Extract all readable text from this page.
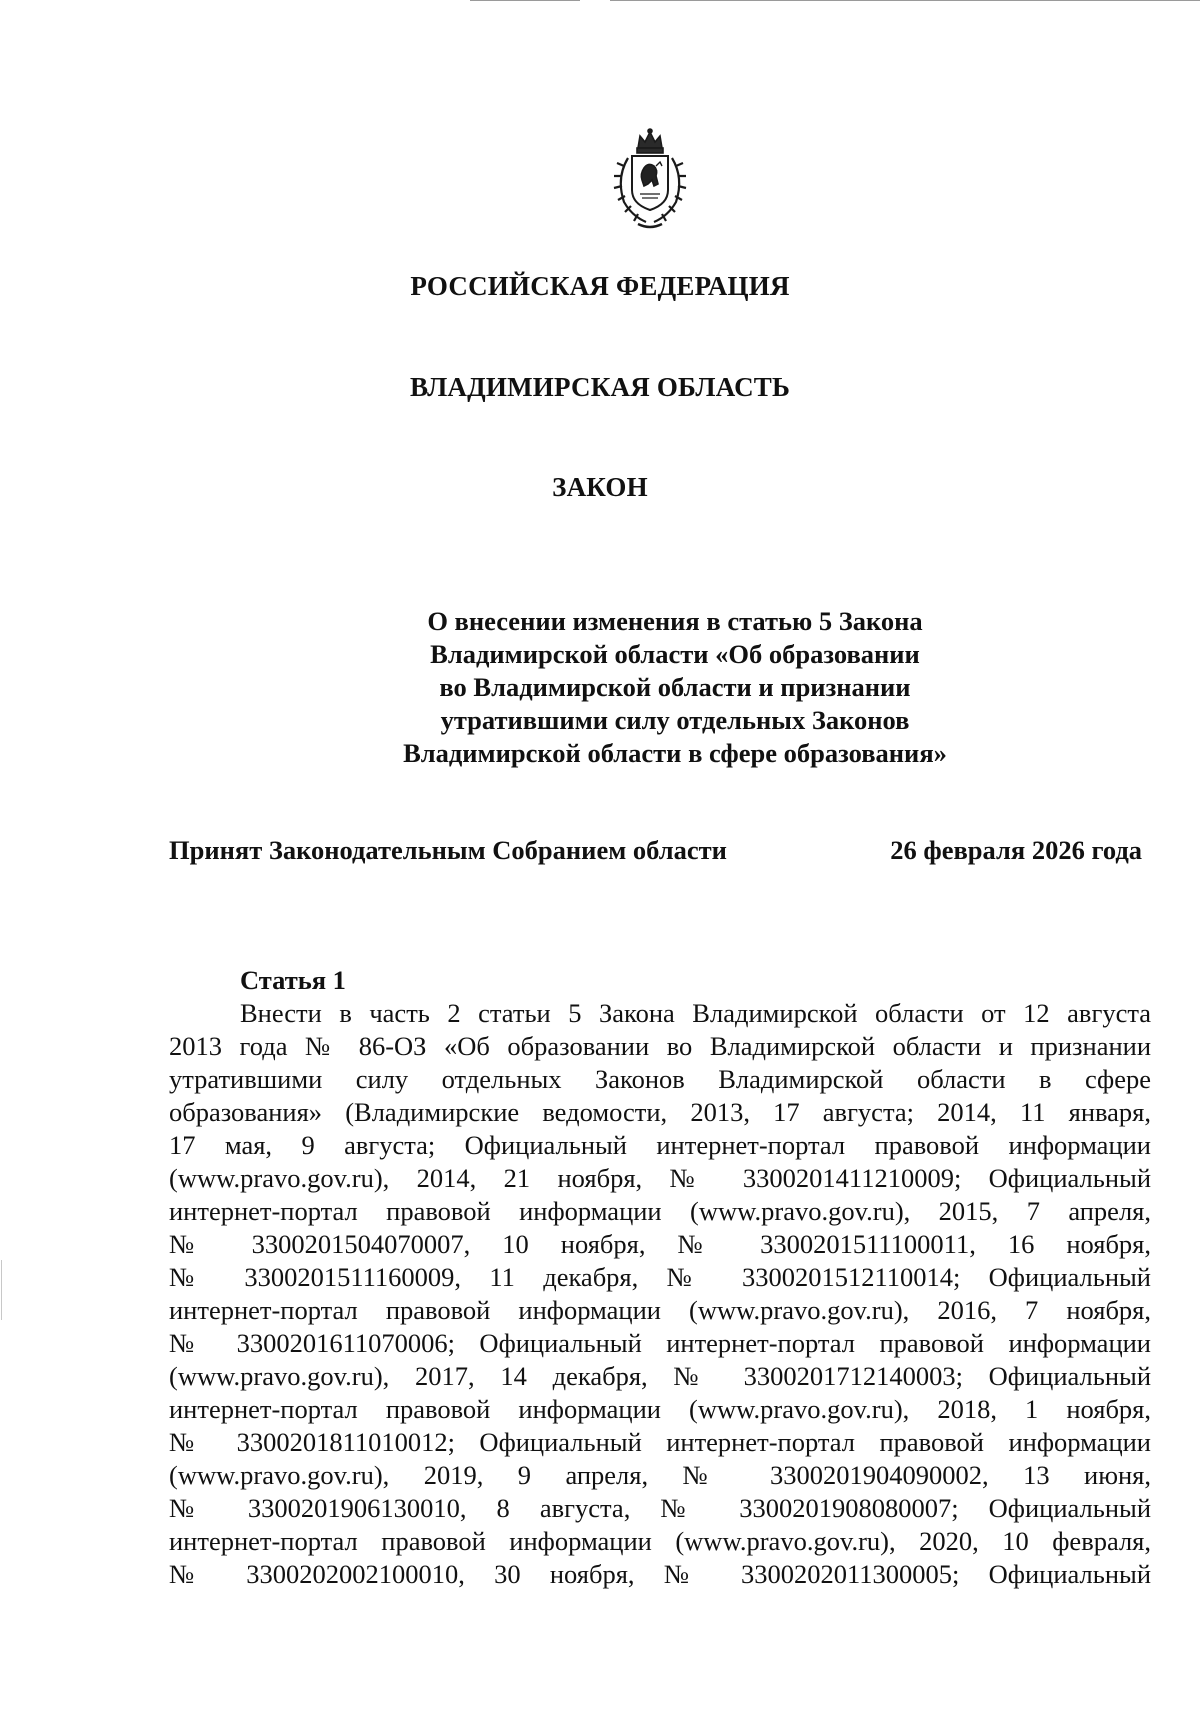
РОССИЙСКАЯ ФЕДЕРАЦИЯ
ВЛАДИМИРСКАЯ ОБЛАСТЬ
ЗАКОН
О внесении изменения в статью 5 Закона
Владимирской области «Об образовании
во Владимирской области и признании
утратившими силу отдельных Законов
Владимирской области в сфере образования»
Принят Законодательным Собранием области	26 февраля 2026 года
Статья 1
Внести в часть 2 статьи 5 Закона Владимирской области от 12 августа
2013 года № 86-ОЗ «Об образовании во Владимирской области и признании
утратившими силу отдельных Законов Владимирской области в сфере
образования» (Владимирские ведомости, 2013, 17 августа; 2014, 11 января,
17 мая, 9 августа; Официальный интернет-портал правовой информации
(www.pravo.gov.ru), 2014, 21 ноября, № 3300201411210009; Официальный
интернет-портал правовой информации (www.pravo.gov.ru), 2015, 7 апреля,
№ 3300201504070007, 10 ноября, № 3300201511100011, 16 ноября,
№ 3300201511160009, 11 декабря, № 3300201512110014; Официальный
интернет-портал правовой информации (www.pravo.gov.ru), 2016, 7 ноября,
№ 3300201611070006; Официальный интернет-портал правовой информации
(www.pravo.gov.ru), 2017, 14 декабря, № 3300201712140003; Официальный
интернет-портал правовой информации (www.pravo.gov.ru), 2018, 1 ноября,
№ 3300201811010012; Официальный интернет-портал правовой информации
(www.pravo.gov.ru), 2019, 9 апреля, № 3300201904090002, 13 июня,
№ 3300201906130010, 8 августа, № 3300201908080007; Официальный
интернет-портал правовой информации (www.pravo.gov.ru), 2020, 10 февраля,
№ 3300202002100010, 30 ноября, № 3300202011300005; Официальный
